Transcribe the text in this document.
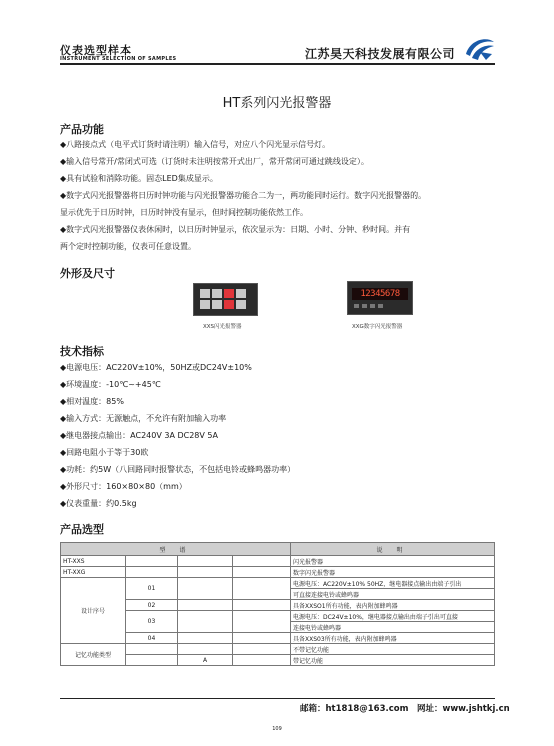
仪表选型样本
INSTRUMENT SELECTION OF SAMPLES	江苏昊天科技发展有限公司
HT系列闪光报警器
产品功能
◆八路接点式（电平式订货时请注明）输入信号，对应八个闪光显示信号灯。
◆输入信号常开/常闭式可选（订货时未注明按常开式出厂，常开常闭可通过跳线设定）。
◆具有试验和消除功能。固态LED集成显示。
◆数字式闪光报警器将日历时钟功能与闪光报警器功能合二为一，两功能同时运行。数字闪光报警器的。
显示优先于日历时钟，日历时钟没有显示，但时间控制功能依然工作。
◆数字式闪光报警器仪表休闲时，以日历时钟显示，依次显示为：日期、小时、分钟、秒时间。并有
两个定时控制功能，仪表可任意设置。
外形及尺寸
XXS闪光报警器
12345678
XXG数字闪光报警器
技术指标
◆电源电压：AC220V±10%，50HZ或DC24V±10%
◆环境温度：-10℃~+45℃
◆相对温度：85%
◆输入方式：无源触点，不允许有附加输入功率
◆继电器接点输出：AC240V 3A DC28V 5A
◆回路电阻小于等于30欧
◆功耗：约5W（八回路同时报警状态，不包括电铃或蜂鸣器功率）
◆外形尺寸：160×80×80（mm）
◆仪表重量：约0.5kg
产品选型
型 谱				说 明
HT-XXS				闪光报警器
HT-XXG				数字闪光报警器
设计序号	01			电源电压：AC220V±10% 50HZ，继电器接点输出由端子引出
				可直接连接电铃或蜂鸣器
	02			具备XXSO1所有功能，表内附加蜂鸣器
	03			电源电压：DC24V±10%，继电器接点输出由端子引出可直接
				连接电铃或蜂鸣器
	04			具备XXS03所有功能，表内附加蜂鸣器
记忆功能类型				不带记忆功能
		A		带记忆功能
邮箱：ht1818@163.com　网址：www.jshtkj.cn
109
